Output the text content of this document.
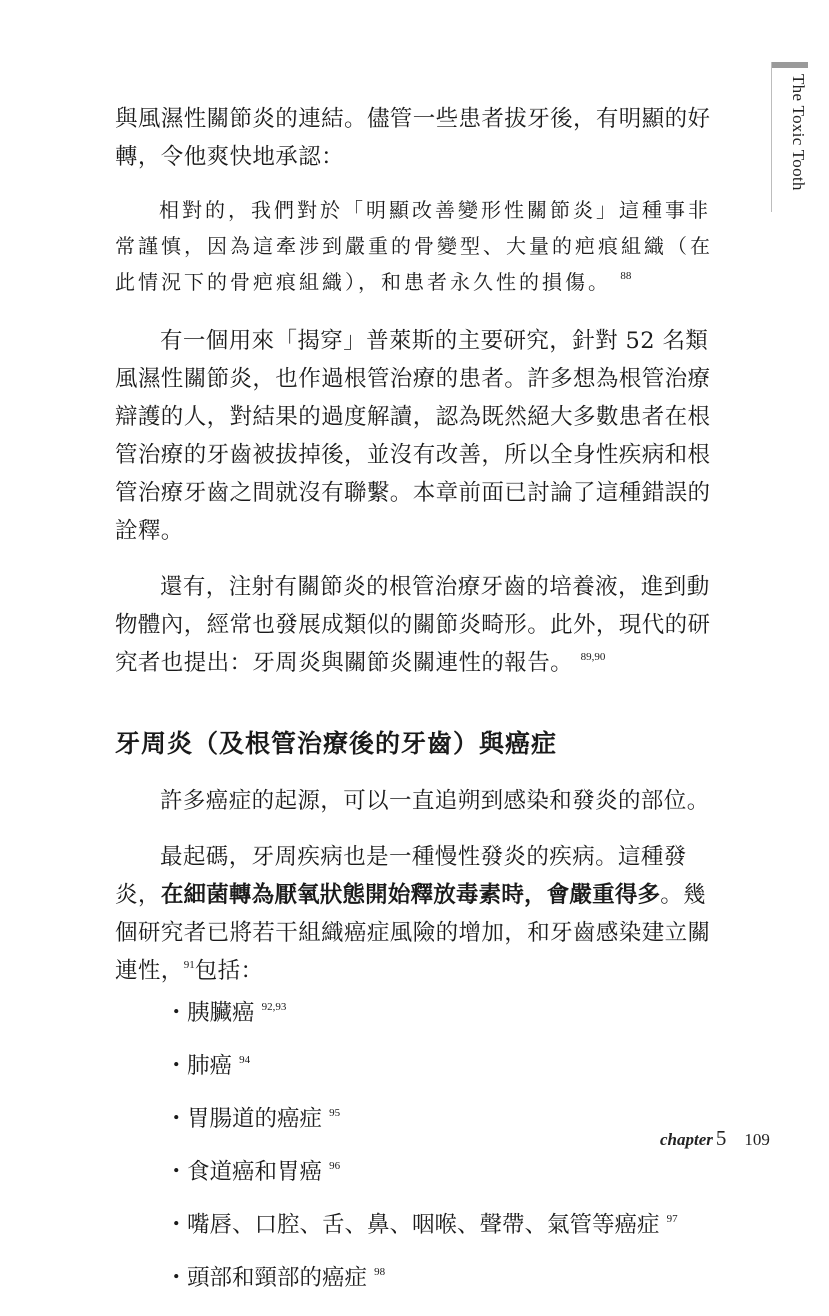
The Toxic Tooth

與風濕性關節炎的連結。儘管一些患者拔牙後，有明顯的好轉，令他爽快地承認：

相對的，我們對於「明顯改善變形性關節炎」這種事非常謹慎，因為這牽涉到嚴重的骨變型、大量的疤痕組織（在此情況下的骨疤痕組織），和患者永久性的損傷。 $^{88}$

有一個用來「揭穿」普萊斯的主要研究，針對 52 名類風濕性關節炎，也作過根管治療的患者。許多想為根管治療辯護的人，對結果的過度解讀，認為既然絕大多數患者在根管治療的牙齒被拔掉後，並沒有改善，所以全身性疾病和根管治療牙齒之間就沒有聯繫。本章前面已討論了這種錯誤的詮釋。

還有，注射有關節炎的根管治療牙齒的培養液，進到動物體內，經常也發展成類似的關節炎畸形。此外，現代的研究者也提出：牙周炎與關節炎關連性的報告。 $^{89,90}$

牙周炎（及根管治療後的牙齒）與癌症

許多癌症的起源，可以一直追朔到感染和發炎的部位。

最起碼，牙周疾病也是一種慢性發炎的疾病。這種發炎，在細菌轉為厭氧狀態開始釋放毒素時，會嚴重得多。幾個研究者已將若干組織癌症風險的增加，和牙齒感染建立關連性，$^{91}$包括：

・ 胰臟癌 $^{92,93}$
・ 肺癌 $^{94}$
・ 胃腸道的癌症 $^{95}$
・ 食道癌和胃癌 $^{96}$
・ 嘴唇、口腔、舌、鼻、咽喉、聲帶、氣管等癌症 $^{97}$
・ 頭部和頸部的癌症 $^{98}$
chapter 5 109
